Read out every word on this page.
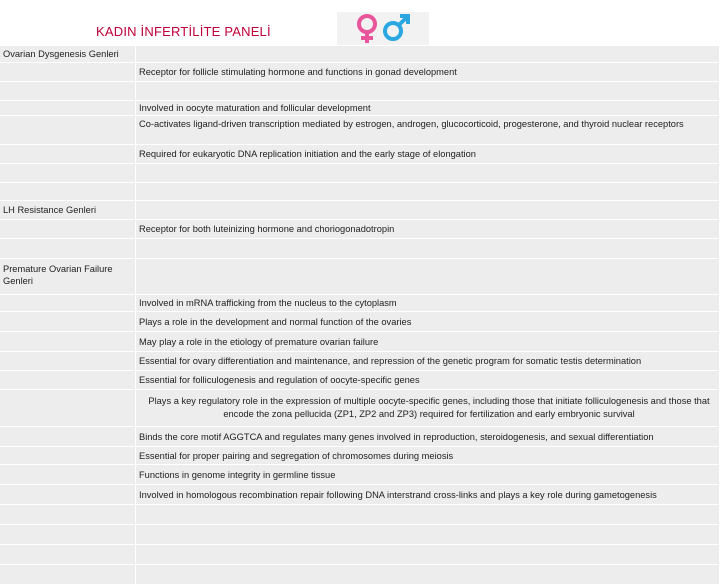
KADIN İNFERTİLİTE PANELİ
Ovarian Dysgenesis Genleri
Receptor for follicle stimulating hormone and functions in gonad development
Involved in oocyte maturation and follicular development
Co-activates ligand-driven transcription mediated by estrogen, androgen, glucocorticoid, progesterone, and thyroid nuclear receptors
Required for eukaryotic DNA replication initiation and the early stage of elongation
LH Resistance Genleri
Receptor for both luteinizing hormone and choriogonadotropin
Premature Ovarian Failure Genleri
Involved in mRNA trafficking from the nucleus to the cytoplasm
Plays a role in the development and normal function of the ovaries
May play a role in the etiology of premature ovarian failure
Essential for ovary differentiation and maintenance, and repression of the genetic program for somatic testis determination
Essential for folliculogenesis and regulation of oocyte-specific genes
Plays a key regulatory role in the expression of multiple oocyte-specific genes, including those that initiate folliculogenesis and those that encode the zona pellucida (ZP1, ZP2 and ZP3) required for fertilization and early embryonic survival
Binds the core motif AGGTCA and regulates many genes involved in reproduction, steroidogenesis, and sexual differentiation
Essential for proper pairing and segregation of chromosomes during meiosis
Functions in genome integrity in germline tissue
Involved in homologous recombination repair following DNA interstrand cross-links and plays a key role during gametogenesis
